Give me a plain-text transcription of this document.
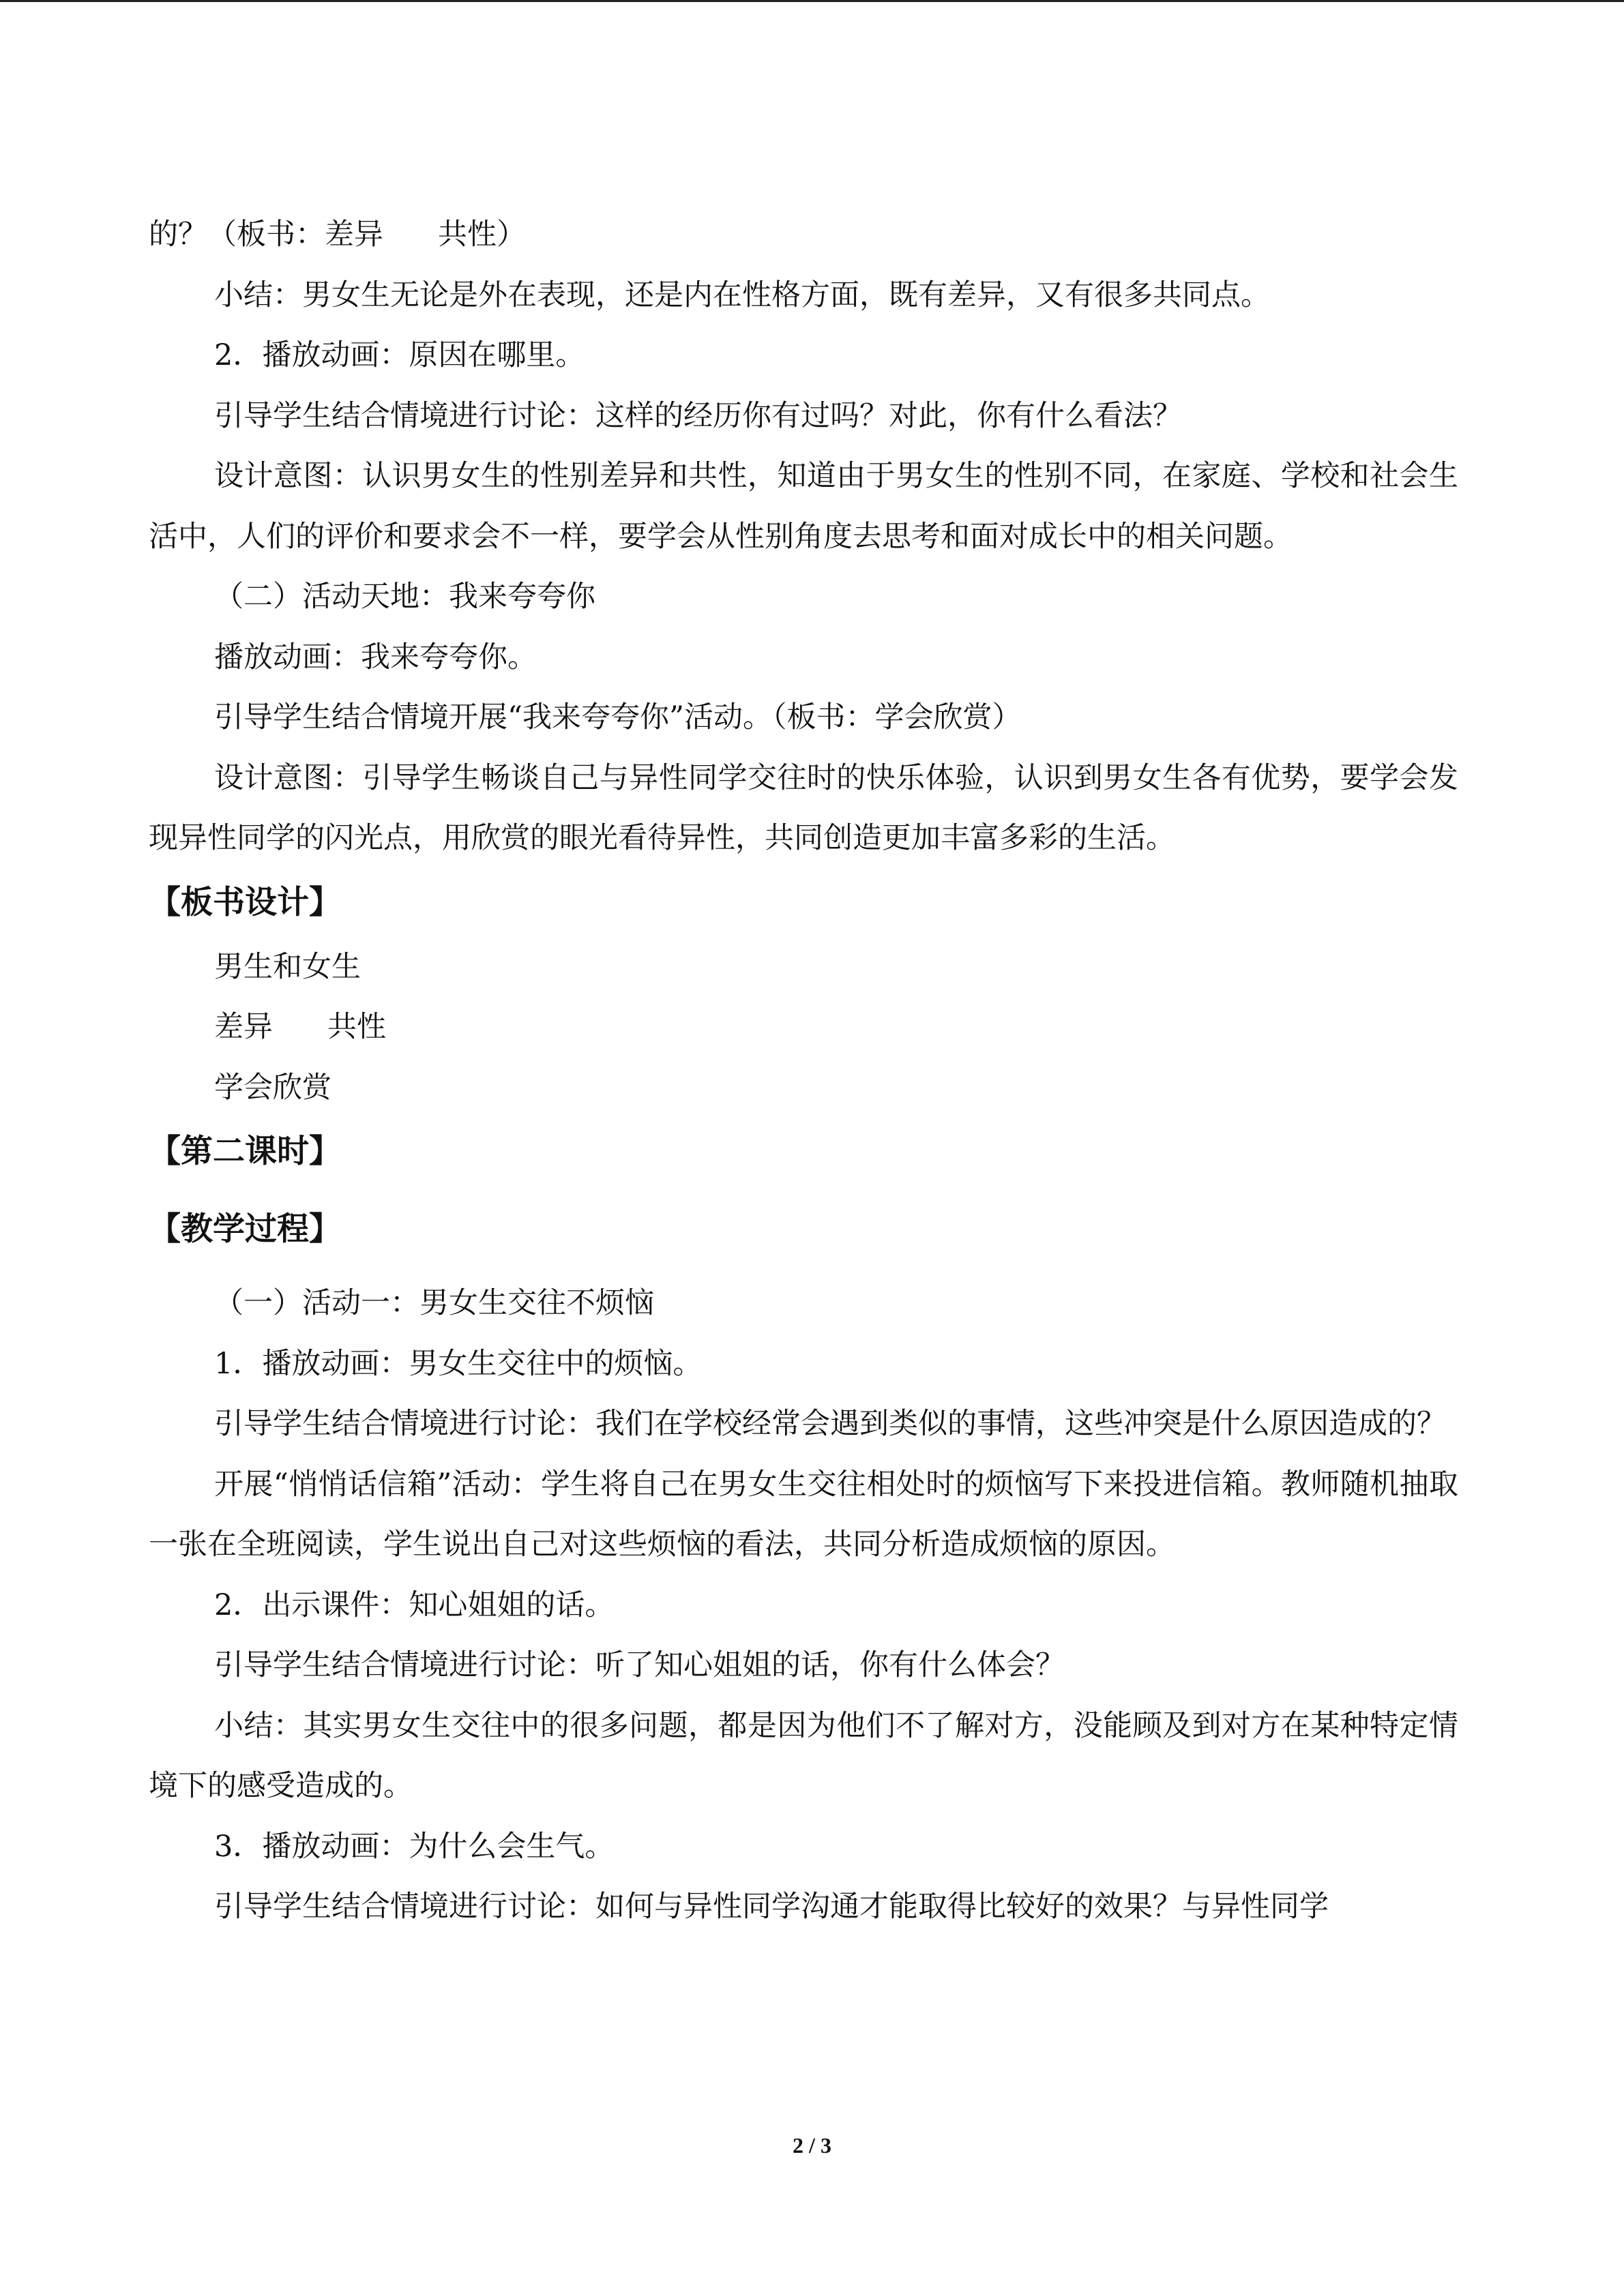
的？（板书：差异 共性）

小结：男女生无论是外在表现，还是内在性格方面，既有差异，又有很多共同点。

2．播放动画：原因在哪里。

引导学生结合情境进行讨论：这样的经历你有过吗？对此，你有什么看法？

设计意图：认识男女生的性别差异和共性，知道由于男女生的性别不同，在家庭、学校和社会生活中，人们的评价和要求会不一样，要学会从性别角度去思考和面对成长中的相关问题。

（二）活动天地：我来夸夸你

播放动画：我来夸夸你。

引导学生结合情境开展“我来夸夸你”活动。（板书：学会欣赏）

设计意图：引导学生畅谈自己与异性同学交往时的快乐体验，认识到男女生各有优势，要学会发现异性同学的闪光点，用欣赏的眼光看待异性，共同创造更加丰富多彩的生活。

【板书设计】

男生和女生

差异 共性

学会欣赏

【第二课时】
【教学过程】

（一）活动一：男女生交往不烦恼

1．播放动画：男女生交往中的烦恼。

引导学生结合情境进行讨论：我们在学校经常会遇到类似的事情，这些冲突是什么原因造成的？

开展“悄悄话信箱”活动：学生将自己在男女生交往相处时的烦恼写下来投进信箱。教师随机抽取一张在全班阅读，学生说出自己对这些烦恼的看法，共同分析造成烦恼的原因。

2．出示课件：知心姐姐的话。

引导学生结合情境进行讨论：听了知心姐姐的话，你有什么体会？

小结：其实男女生交往中的很多问题，都是因为他们不了解对方，没能顾及到对方在某种特定情境下的感受造成的。

3．播放动画：为什么会生气。

引导学生结合情境进行讨论：如何与异性同学沟通才能取得比较好的效果？与异性同学

2 / 3
